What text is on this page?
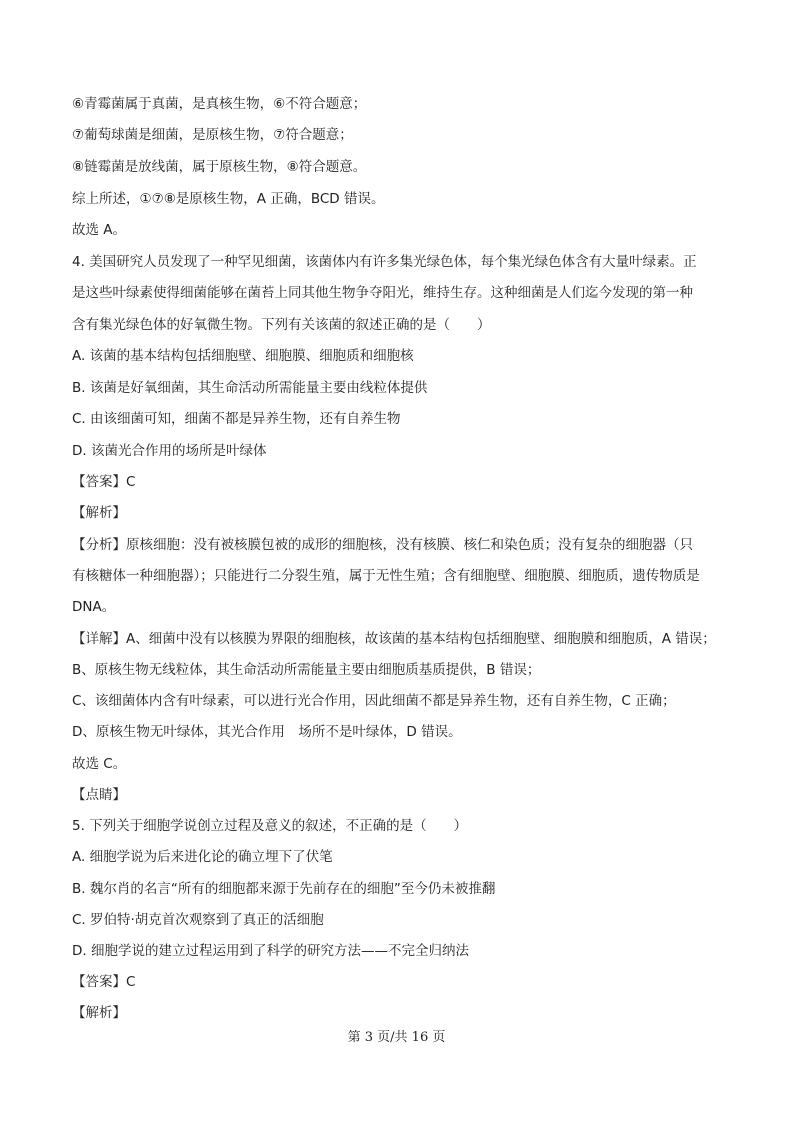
⑥青霉菌属于真菌，是真核生物，⑥不符合题意；
⑦葡萄球菌是细菌，是原核生物，⑦符合题意；
⑧链霉菌是放线菌，属于原核生物，⑧符合题意。
综上所述，①⑦⑧是原核生物，A 正确，BCD 错误。
故选 A。
4. 美国研究人员发现了一种罕见细菌，该菌体内有许多集光绿色体，每个集光绿色体含有大量叶绿素。正
是这些叶绿素使得细菌能够在菌苔上同其他生物争夺阳光，维持生存。这种细菌是人们迄今发现的第一种
含有集光绿色体的好氧微生物。下列有关该菌的叙述正确的是（　　）
A. 该菌的基本结构包括细胞壁、细胞膜、细胞质和细胞核
B. 该菌是好氧细菌，其生命活动所需能量主要由线粒体提供
C. 由该细菌可知，细菌不都是异养生物，还有自养生物
D. 该菌光合作用的场所是叶绿体
【答案】C
【解析】
【分析】原核细胞：没有被核膜包被的成形的细胞核，没有核膜、核仁和染色质；没有复杂的细胞器（只
有核糖体一种细胞器）；只能进行二分裂生殖，属于无性生殖；含有细胞壁、细胞膜、细胞质，遗传物质是
DNA。
【详解】A、细菌中没有以核膜为界限的细胞核，故该菌的基本结构包括细胞壁、细胞膜和细胞质，A 错误；
B、原核生物无线粒体，其生命活动所需能量主要由细胞质基质提供，B 错误；
C、该细菌体内含有叶绿素，可以进行光合作用，因此细菌不都是异养生物，还有自养生物，C 正确；
D、原核生物无叶绿体，其光合作用　场所不是叶绿体，D 错误。
故选 C。
【点睛】
5. 下列关于细胞学说创立过程及意义的叙述，不正确的是（　　）
A. 细胞学说为后来进化论的确立埋下了伏笔
B. 魏尔肖的名言“所有的细胞都来源于先前存在的细胞”至今仍未被推翻
C. 罗伯特·胡克首次观察到了真正的活细胞
D. 细胞学说的建立过程运用到了科学的研究方法——不完全归纳法
【答案】C
【解析】
第 3 页/共 16 页
